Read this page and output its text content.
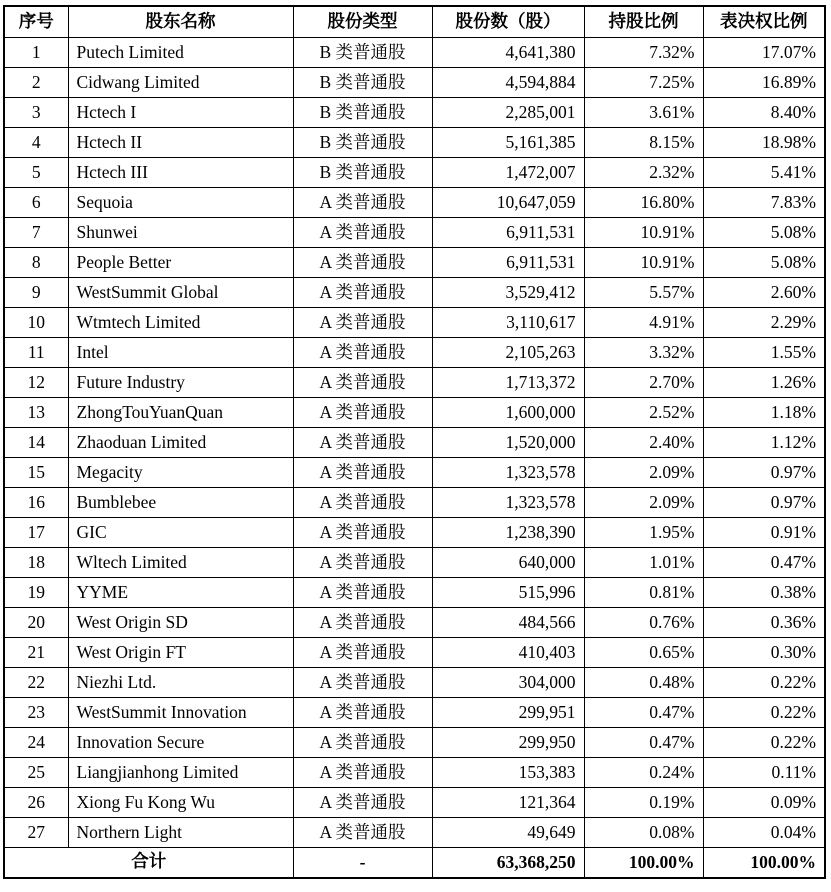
序号	股东名称	股份类型	股份数（股）	持股比例	表决权比例
1	Putech Limited	B 类普通股	4,641,380	7.32%	17.07%
2	Cidwang Limited	B 类普通股	4,594,884	7.25%	16.89%
3	Hctech I	B 类普通股	2,285,001	3.61%	8.40%
4	Hctech II	B 类普通股	5,161,385	8.15%	18.98%
5	Hctech III	B 类普通股	1,472,007	2.32%	5.41%
6	Sequoia	A 类普通股	10,647,059	16.80%	7.83%
7	Shunwei	A 类普通股	6,911,531	10.91%	5.08%
8	People Better	A 类普通股	6,911,531	10.91%	5.08%
9	WestSummit Global	A 类普通股	3,529,412	5.57%	2.60%
10	Wtmtech Limited	A 类普通股	3,110,617	4.91%	2.29%
11	Intel	A 类普通股	2,105,263	3.32%	1.55%
12	Future Industry	A 类普通股	1,713,372	2.70%	1.26%
13	ZhongTouYuanQuan	A 类普通股	1,600,000	2.52%	1.18%
14	Zhaoduan Limited	A 类普通股	1,520,000	2.40%	1.12%
15	Megacity	A 类普通股	1,323,578	2.09%	0.97%
16	Bumblebee	A 类普通股	1,323,578	2.09%	0.97%
17	GIC	A 类普通股	1,238,390	1.95%	0.91%
18	Wltech Limited	A 类普通股	640,000	1.01%	0.47%
19	YYME	A 类普通股	515,996	0.81%	0.38%
20	West Origin SD	A 类普通股	484,566	0.76%	0.36%
21	West Origin FT	A 类普通股	410,403	0.65%	0.30%
22	Niezhi Ltd.	A 类普通股	304,000	0.48%	0.22%
23	WestSummit Innovation	A 类普通股	299,951	0.47%	0.22%
24	Innovation Secure	A 类普通股	299,950	0.47%	0.22%
25	Liangjianhong Limited	A 类普通股	153,383	0.24%	0.11%
26	Xiong Fu Kong Wu	A 类普通股	121,364	0.19%	0.09%
27	Northern Light	A 类普通股	49,649	0.08%	0.04%
合计		-	63,368,250	100.00%	100.00%
